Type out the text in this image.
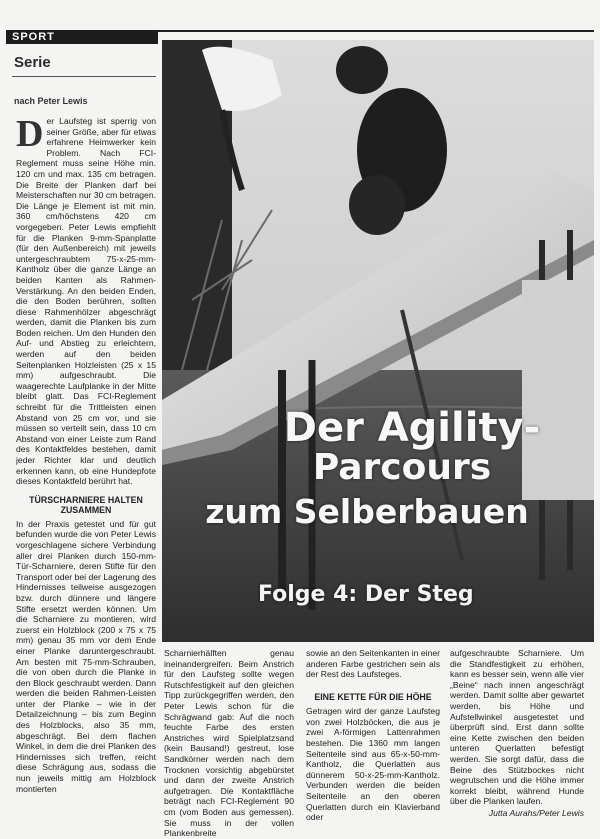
SPORT
Serie
nach Peter Lewis

Der Laufsteg ist sperrig von seiner Größe, aber für etwas erfahrene Heimwerker kein Problem. Nach FCI-Reglement muss seine Höhe min. 120 cm und max. 135 cm betragen. Die Breite der Planken darf bei Meisterschaften nur 30 cm betragen. Die Länge je Element ist mit min. 360 cm/höchstens 420 cm vorgegeben. Peter Lewis empfiehlt für die Planken 9-mm-Spanplatte (für den Außenbereich) mit jeweils untergeschraubtem 75-x-25-mm-Kantholz über die ganze Länge an beiden Kanten als Rahmen-Verstärkung. An den beiden Enden, die den Boden berühren, sollten diese Rahmenhölzer abgeschrägt werden, damit die Planken bis zum Boden reichen. Um den Hunden den Auf- und Abstieg zu erleichtern, werden auf den beiden Seitenplanken Holzleisten (25 x 15 mm) aufgeschraubt. Die waagerechte Laufplanke in der Mitte bleibt glatt. Das FCI-Reglement schreibt für die Trittleisten einen Abstand von 25 cm vor, und sie müssen so verteilt sein, dass 10 cm Abstand von einer Leiste zum Rand des Kontaktfeldes bestehen, damit jeder Richter klar und deutlich erkennen kann, ob eine Hundepfote dieses Kontaktfeld berührt hat.

TÜRSCHARNIERE HALTEN ZUSAMMEN

In der Praxis getestet und für gut befunden wurde die von Peter Lewis vorgeschlagene sichere Verbindung aller drei Planken durch 150-mm-Tür-Scharniere, deren Stifte für den Transport oder bei der Lagerung des Hindernisses teilweise ausgezogen bzw. durch dünnere und längere Stifte ersetzt werden können. Um die Scharniere zu montieren, wird zuerst ein Holzblock (200 x 75 x 75 mm) genau 35 mm vor dem Ende einer Planke daruntergeschraubt. Am besten mit 75-mm-Schrauben, die von oben durch die Planke in den Block geschraubt werden. Dann werden die beiden Rahmen-Leisten unter der Planke – wie in der Detailzeichnung – bis zum Beginn des Holzblocks, also 35 mm, abgeschrägt. Bei dem flachen Winkel, in dem die drei Planken des Hindernisses sich treffen, reicht diese Schrägung aus, sodass die nun jeweils mittig am Holzblock montierten

Der Agility-
Parcours
zum Selberbauen
Folge 4: Der Steg

Scharnierhälften genau ineinandergreifen. Beim Anstrich für den Laufsteg sollte wegen Rutschfestigkeit auf den gleichen Tipp zurückgegriffen werden, den Peter Lewis schon für die Schrägwand gab: Auf die noch feuchte Farbe des ersten Anstriches wird Spielplatzsand (kein Bausand!) gestreut, lose Sandkörner werden nach dem Trocknen vorsichtig abgebürstet und dann der zweite Anstrich aufgetragen. Die Kontaktfläche beträgt nach FCI-Reglement 90 cm (vom Boden aus gemessen). Sie muss in der vollen Plankenbreite

sowie an den Seitenkanten in einer anderen Farbe gestrichen sein als der Rest des Laufsteges.

EINE KETTE FÜR DIE HÖHE

Getragen wird der ganze Laufsteg von zwei Holzböcken, die aus je zwei A-förmigen Lattenrahmen bestehen. Die 1360 mm langen Seitenteile sind aus 65-x-50-mm-Kantholz, die Querlatten aus dünnerem 50-x-25-mm-Kantholz. Verbunden werden die beiden Seitenteile an den oberen Querlatten durch ein Klavierband oder

aufgeschraubte Scharniere. Um die Standfestigkeit zu erhöhen, kann es besser sein, wenn alle vier „Beine“ nach innen angeschrägt werden. Damit sollte aber gewartet werden, bis Höhe und Aufstellwinkel ausgetestet und überprüft sind. Erst dann sollte eine Kette zwischen den beiden unteren Querlatten befestigt werden. Sie sorgt dafür, dass die Beine des Stützbockes nicht wegrutschen und die Höhe immer korrekt bleibt, während Hunde über die Planken laufen.

Jutta Aurahs/Peter Lewis
